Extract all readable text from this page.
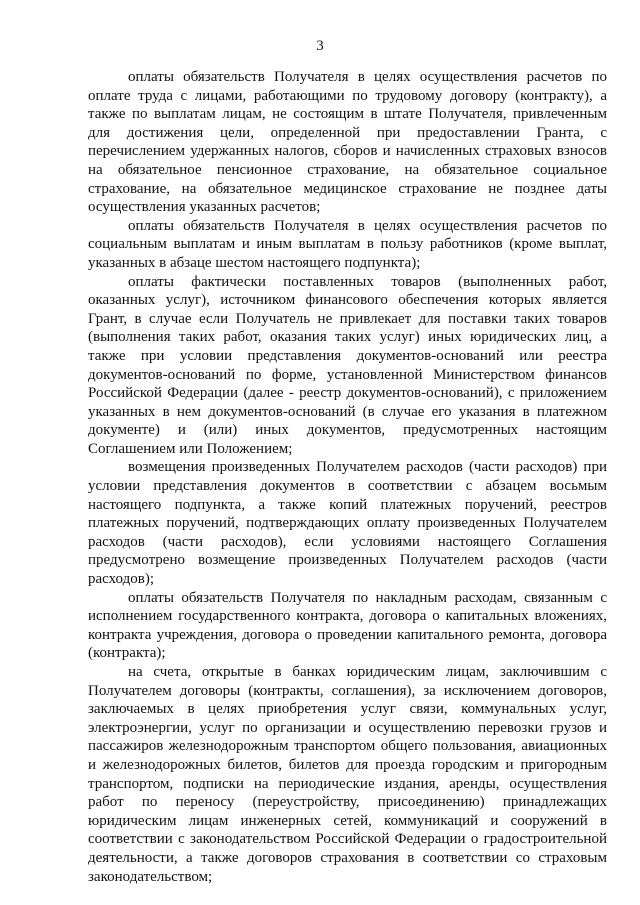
3

оплаты обязательств Получателя в целях осуществления расчетов по оплате труда с лицами, работающими по трудовому договору (контракту), а также по выплатам лицам, не состоящим в штате Получателя, привлеченным для достижения цели, определенной при предоставлении Гранта, с перечислением удержанных налогов, сборов и начисленных страховых взносов на обязательное пенсионное страхование, на обязательное социальное страхование, на обязательное медицинское страхование не позднее даты осуществления указанных расчетов;

оплаты обязательств Получателя в целях осуществления расчетов по социальным выплатам и иным выплатам в пользу работников (кроме выплат, указанных в абзаце шестом настоящего подпункта);

оплаты фактически поставленных товаров (выполненных работ, оказанных услуг), источником финансового обеспечения которых является Грант, в случае если Получатель не привлекает для поставки таких товаров (выполнения таких работ, оказания таких услуг) иных юридических лиц, а также при условии представления документов-оснований или реестра документов-оснований по форме, установленной Министерством финансов Российской Федерации (далее - реестр документов-оснований), с приложением указанных в нем документов-оснований (в случае его указания в платежном документе) и (или) иных документов, предусмотренных настоящим Соглашением или Положением;

возмещения произведенных Получателем расходов (части расходов) при условии представления документов в соответствии с абзацем восьмым настоящего подпункта, а также копий платежных поручений, реестров платежных поручений, подтверждающих оплату произведенных Получателем расходов (части расходов), если условиями настоящего Соглашения предусмотрено возмещение произведенных Получателем расходов (части расходов);

оплаты обязательств Получателя по накладным расходам, связанным с исполнением государственного контракта, договора о капитальных вложениях, контракта учреждения, договора о проведении капитального ремонта, договора (контракта);

на счета, открытые в банках юридическим лицам, заключившим с Получателем договоры (контракты, соглашения), за исключением договоров, заключаемых в целях приобретения услуг связи, коммунальных услуг, электроэнергии, услуг по организации и осуществлению перевозки грузов и пассажиров железнодорожным транспортом общего пользования, авиационных и железнодорожных билетов, билетов для проезда городским и пригородным транспортом, подписки на периодические издания, аренды, осуществления работ по переносу (переустройству, присоединению) принадлежащих юридическим лицам инженерных сетей, коммуникаций и сооружений в соответствии с законодательством Российской Федерации о градостроительной деятельности, а также договоров страхования в соответствии со страховым законодательством;
